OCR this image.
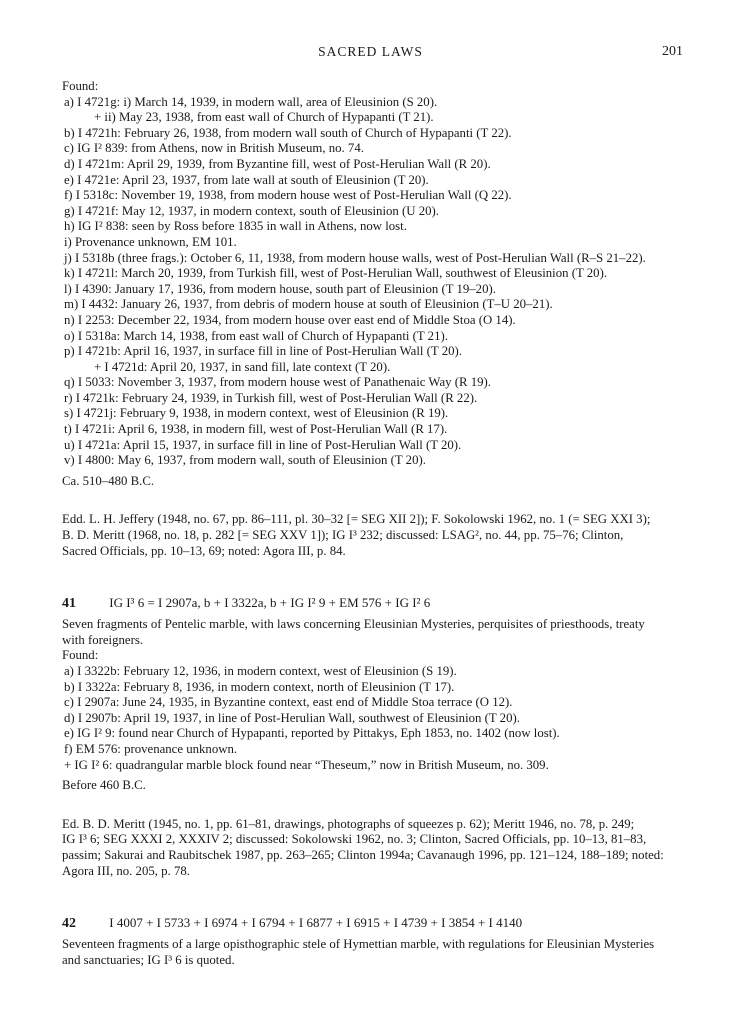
SACRED LAWS	201
Found:
a) I 4721g: i) March 14, 1939, in modern wall, area of Eleusinion (S 20).
+ ii) May 23, 1938, from east wall of Church of Hypapanti (T 21).
b) I 4721h: February 26, 1938, from modern wall south of Church of Hypapanti (T 22).
c) IG I² 839: from Athens, now in British Museum, no. 74.
d) I 4721m: April 29, 1939, from Byzantine fill, west of Post-Herulian Wall (R 20).
e) I 4721e: April 23, 1937, from late wall at south of Eleusinion (T 20).
f) I 5318c: November 19, 1938, from modern house west of Post-Herulian Wall (Q 22).
g) I 4721f: May 12, 1937, in modern context, south of Eleusinion (U 20).
h) IG I² 838: seen by Ross before 1835 in wall in Athens, now lost.
i) Provenance unknown, EM 101.
j) I 5318b (three frags.): October 6, 11, 1938, from modern house walls, west of Post-Herulian Wall (R–S 21–22).
k) I 4721l: March 20, 1939, from Turkish fill, west of Post-Herulian Wall, southwest of Eleusinion (T 20).
l) I 4390: January 17, 1936, from modern house, south part of Eleusinion (T 19–20).
m) I 4432: January 26, 1937, from debris of modern house at south of Eleusinion (T–U 20–21).
n) I 2253: December 22, 1934, from modern house over east end of Middle Stoa (O 14).
o) I 5318a: March 14, 1938, from east wall of Church of Hypapanti (T 21).
p) I 4721b: April 16, 1937, in surface fill in line of Post-Herulian Wall (T 20).
+ I 4721d: April 20, 1937, in sand fill, late context (T 20).
q) I 5033: November 3, 1937, from modern house west of Panathenaic Way (R 19).
r) I 4721k: February 24, 1939, in Turkish fill, west of Post-Herulian Wall (R 22).
s) I 4721j: February 9, 1938, in modern context, west of Eleusinion (R 19).
t) I 4721i: April 6, 1938, in modern fill, west of Post-Herulian Wall (R 17).
u) I 4721a: April 15, 1937, in surface fill in line of Post-Herulian Wall (T 20).
v) I 4800: May 6, 1937, from modern wall, south of Eleusinion (T 20).
Ca. 510–480 B.C.
Edd. L. H. Jeffery (1948, no. 67, pp. 86–111, pl. 30–32 [= SEG XII 2]); F. Sokolowski 1962, no. 1 (= SEG XXI 3);
B. D. Meritt (1968, no. 18, p. 282 [= SEG XXV 1]); IG I³ 232; discussed: LSAG², no. 44, pp. 75–76; Clinton,
Sacred Officials, pp. 10–13, 69; noted: Agora III, p. 84.
41	IG I³ 6 = I 2907a, b + I 3322a, b + IG I² 9 + EM 576 + IG I² 6
Seven fragments of Pentelic marble, with laws concerning Eleusinian Mysteries, perquisites of priesthoods, treaty
with foreigners.
Found:
a) I 3322b: February 12, 1936, in modern context, west of Eleusinion (S 19).
b) I 3322a: February 8, 1936, in modern context, north of Eleusinion (T 17).
c) I 2907a: June 24, 1935, in Byzantine context, east end of Middle Stoa terrace (O 12).
d) I 2907b: April 19, 1937, in line of Post-Herulian Wall, southwest of Eleusinion (T 20).
e) IG I² 9: found near Church of Hypapanti, reported by Pittakys, Eph 1853, no. 1402 (now lost).
f) EM 576: provenance unknown.
+ IG I² 6: quadrangular marble block found near “Theseum,” now in British Museum, no. 309.
Before 460 B.C.
Ed. B. D. Meritt (1945, no. 1, pp. 61–81, drawings, photographs of squeezes p. 62); Meritt 1946, no. 78, p. 249;
IG I³ 6; SEG XXXI 2, XXXIV 2; discussed: Sokolowski 1962, no. 3; Clinton, Sacred Officials, pp. 10–13, 81–83,
passim; Sakurai and Raubitschek 1987, pp. 263–265; Clinton 1994a; Cavanaugh 1996, pp. 121–124, 188–189; noted:
Agora III, no. 205, p. 78.
42	I 4007 + I 5733 + I 6974 + I 6794 + I 6877 + I 6915 + I 4739 + I 3854 + I 4140
Seventeen fragments of a large opisthographic stele of Hymettian marble, with regulations for Eleusinian Mysteries
and sanctuaries; IG I³ 6 is quoted.
